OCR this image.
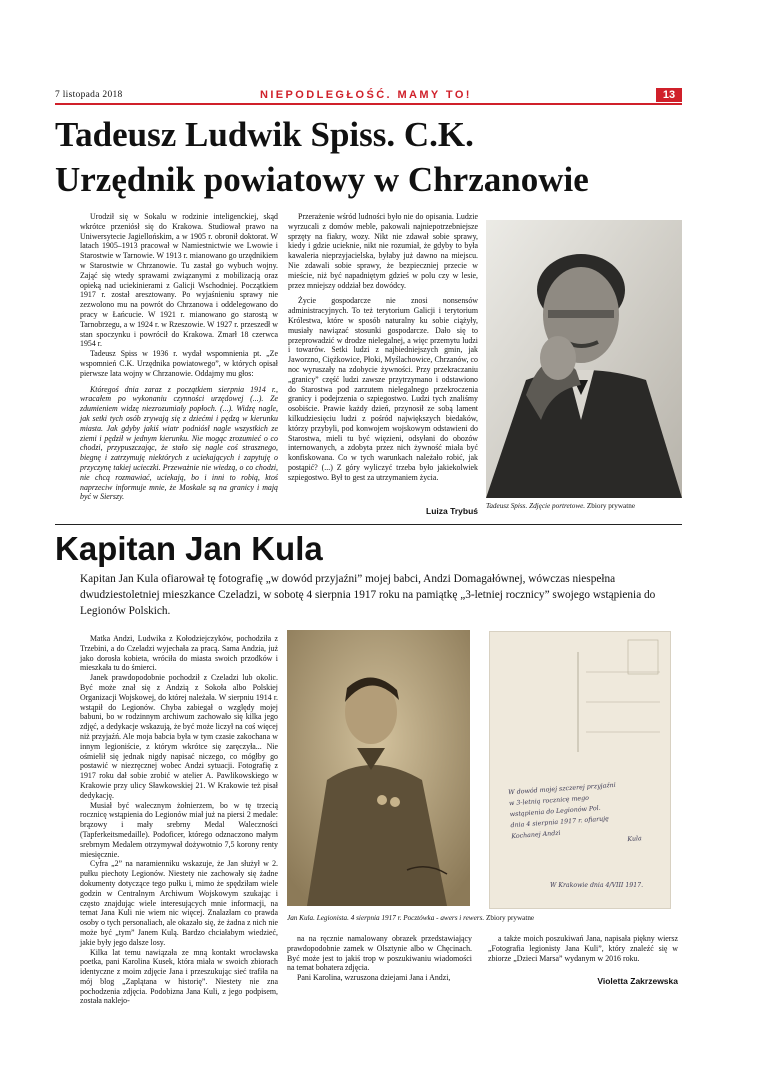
7 listopada 2018	NIEPODLEGŁOŚĆ. MAMY TO!	13
Tadeusz Ludwik Spiss. C.K.
Urzędnik powiatowy w Chrzanowie

Urodził się w Sokalu w rodzinie inteligenckiej, skąd wkrótce przeniósł się do Krakowa. Studiował prawo na Uniwersytecie Jagiellońskim, a w 1905 r. obronił doktorat. W latach 1905–1913 pracował w Namiestnictwie we Lwowie i Starostwie w Tarnowie. W 1913 r. mianowano go urzędnikiem w Starostwie w Chrzanowie. Tu zastał go wybuch wojny. Zająć się wtedy sprawami związanymi z mobilizacją oraz opieką nad uciekinierami z Galicji Wschodniej. Początkiem 1917 r. został aresztowany. Po wyjaśnieniu sprawy nie zezwolono mu na powrót do Chrzanowa i oddelegowano do pracy w Łańcucie. W 1921 r. mianowano go starostą w Tarnobrzegu, a w 1924 r. w Rzeszowie. W 1927 r. przeszedł w stan spoczynku i powrócił do Krakowa. Zmarł 18 czerwca 1954 r.

Tadeusz Spiss w 1936 r. wydał wspomnienia pt. „Ze wspomnień C.K. Urzędnika powiatowego”, w których opisał pierwsze lata wojny w Chrzanowie. Oddajmy mu głos:

Któregoś dnia zaraz z początkiem sierpnia 1914 r., wracałem po wykonaniu czynności urzędowej (...). Ze zdumieniem widzę niezrozumiały popłoch. (...). Widzę nagle, jak setki tych osób zrywają się z dziećmi i pędzą w kierunku miasta. Jak gdyby jakiś wiatr podniósł nagle wszystkich ze ziemi i pędził w jednym kierunku. Nie mogąc zrozumieć o co chodzi, przypuszczając, że stało się nagle coś strasznego, biegnę i zatrzymuję niektórych z uciekających i zapytuję o przyczynę takiej ucieczki. Przeważnie nie wiedzą, o co chodzi, nie chcą rozmawiać, uciekają, bo i inni to robią, ktoś naprzeciw informuje mnie, że Moskale są na granicy i mają być w Sierszy.

Przerażenie wśród ludności było nie do opisania. Ludzie wyrzucali z domów meble, pakowali najniepotrzebniejsze sprzęty na fiakry, wozy. Nikt nie zdawał sobie sprawy, kiedy i gdzie ucieknie, nikt nie rozumiał, że gdyby to była kawaleria nieprzyjacielska, byłaby już dawno na miejscu. Nie zdawali sobie sprawy, że bezpieczniej przecie w mieście, niż być napadniętym gdzieś w polu czy w lesie, przez mniejszy oddział bez dowódcy.

Życie gospodarcze nie znosi nonsensów administracyjnych. To też terytorium Galicji i terytorium Królestwa, które w sposób naturalny ku sobie ciążyły, musiały nawiązać stosunki gospodarcze. Dało się to przeprowadzić w drodze nielegalnej, a więc przemytu ludzi i towarów. Setki ludzi z najbiedniejszych gmin, jak Jaworzno, Ciężkowice, Płoki, Myślachowice, Chrzanów, co noc wyruszały na zdobycie żywności. Przy przekraczaniu „granicy” część ludzi zawsze przytrzymano i odstawiono do Starostwa pod zarzutem nielegalnego przekroczenia granicy i podejrzenia o szpiegostwo. Ludzi tych znaliśmy osobiście. Prawie każdy dzień, przynosił ze sobą lament kilkudziesięciu ludzi z pośród największych biedaków, którzy przybyli, pod konwojem wojskowym odstawieni do Starostwa, mieli tu być więzieni, odsyłani do obozów internowanych, a zdobyta przez nich żywność miała być konfiskowana. Co w tych warunkach należało robić, jak postąpić? (...) Z góry wyliczyć trzeba było jakiekolwiek szpiegostwo. Był to gest za utrzymaniem życia.

Luiza Trybuś Tadeusz Spiss. Zdjęcie portretowe. Zbiory prywatne
Kapitan Jan Kula
Kapitan Jan Kula ofiarował tę fotografię „w dowód przyjaźni” mojej babci, Andzi Domagałównej, wówczas niespełna dwudziestoletniej mieszkance Czeladzi, w sobotę 4 sierpnia 1917 roku na pamiątkę „3-letniej rocznicy” swojego wstąpienia do Legionów Polskich.

Matka Andzi, Ludwika z Kołodziejczyków, pochodziła z Trzebini, a do Czeladzi wyjechała za pracą. Sama Andzia, już jako dorosła kobieta, wróciła do miasta swoich przodków i mieszkała tu do śmierci.

Janek prawdopodobnie pochodził z Czeladzi lub okolic. Być może znał się z Andzią z Sokoła albo Polskiej Organizacji Wojskowej, do której należała. W sierpniu 1914 r. wstąpił do Legionów. Chyba zabiegał o względy mojej babuni, bo w rodzinnym archiwum zachowało się kilka jego zdjęć, a dedykacje wskazują, że być może liczył na coś więcej niż przyjaźń. Ale moja babcia była w tym czasie zakochana w innym legioniście, z którym wkrótce się zaręczyła... Nie ośmielił się jednak nigdy napisać niczego, co mógłby go postawić w niezręcznej wobec Andzi sytuacji. Fotografię z 1917 roku dał sobie zrobić w atelier A. Pawlikowskiego w Krakowie przy ulicy Sławkowskiej 21. W Krakowie też pisał dedykację.

Musiał być walecznym żołnierzem, bo w tę trzecią rocznicę wstąpienia do Legionów miał już na piersi 2 medale: brązowy i mały srebrny Medal Waleczności (Tapferkeitsmedaille). Podoficer, którego odznaczono małym srebrnym Medalem otrzymywał dożywotnio 7,5 korony renty miesięcznie.

Cyfra „2” na naramienniku wskazuje, że Jan służył w 2. pułku piechoty Legionów. Niestety nie zachowały się żadne dokumenty dotyczące tego pułku i, mimo że spędziłam wiele godzin w Centralnym Archiwum Wojskowym szukając i często znajdując wiele interesujących mnie informacji, na temat Jana Kuli nie wiem nic więcej. Znalazłam co prawda osoby o tych personaliach, ale okazało się, że żadna z nich nie może być „tym” Janem Kulą. Bardzo chciałabym wiedzieć, jakie były jego dalsze losy.

Kilka lat temu nawiązała ze mną kontakt wrocławska poetka, pani Karolina Kusek, która miała w swoich zbiorach identyczne z moim zdjęcie Jana i przeszukując sieć trafiła na mój blog „Zaplątana w historię”. Niestety nie zna pochodzenia zdjęcia. Podobizna Jana Kuli, z jego podpisem, została naklejo-

W dowód mojej szczerej przyjaźni
w 3-letnią rocznicę mego
wstąpienia do Legionów Pol.
dnia 4 sierpnia 1917 r. ofiaruję
Kochanej Andzi	Kula
W Krakowie dnia 4/VIII 1917.
Jan Kula. Legionista. 4 sierpnia 1917 r. Pocztówka - awers i rewers. Zbiory prywatne

na na ręcznie namalowany obrazek przedstawiający prawdopodobnie zamek w Olsztynie albo w Chęcinach. Być może jest to jakiś trop w poszukiwaniu wiadomości na temat bohatera zdjęcia.

Pani Karolina, wzruszona dziejami Jana i Andzi,

a także moich poszukiwań Jana, napisała piękny wiersz „Fotografia legionisty Jana Kuli”, który znaleźć się w zbiorze „Dzieci Marsa” wydanym w 2016 roku.

Violetta Zakrzewska
